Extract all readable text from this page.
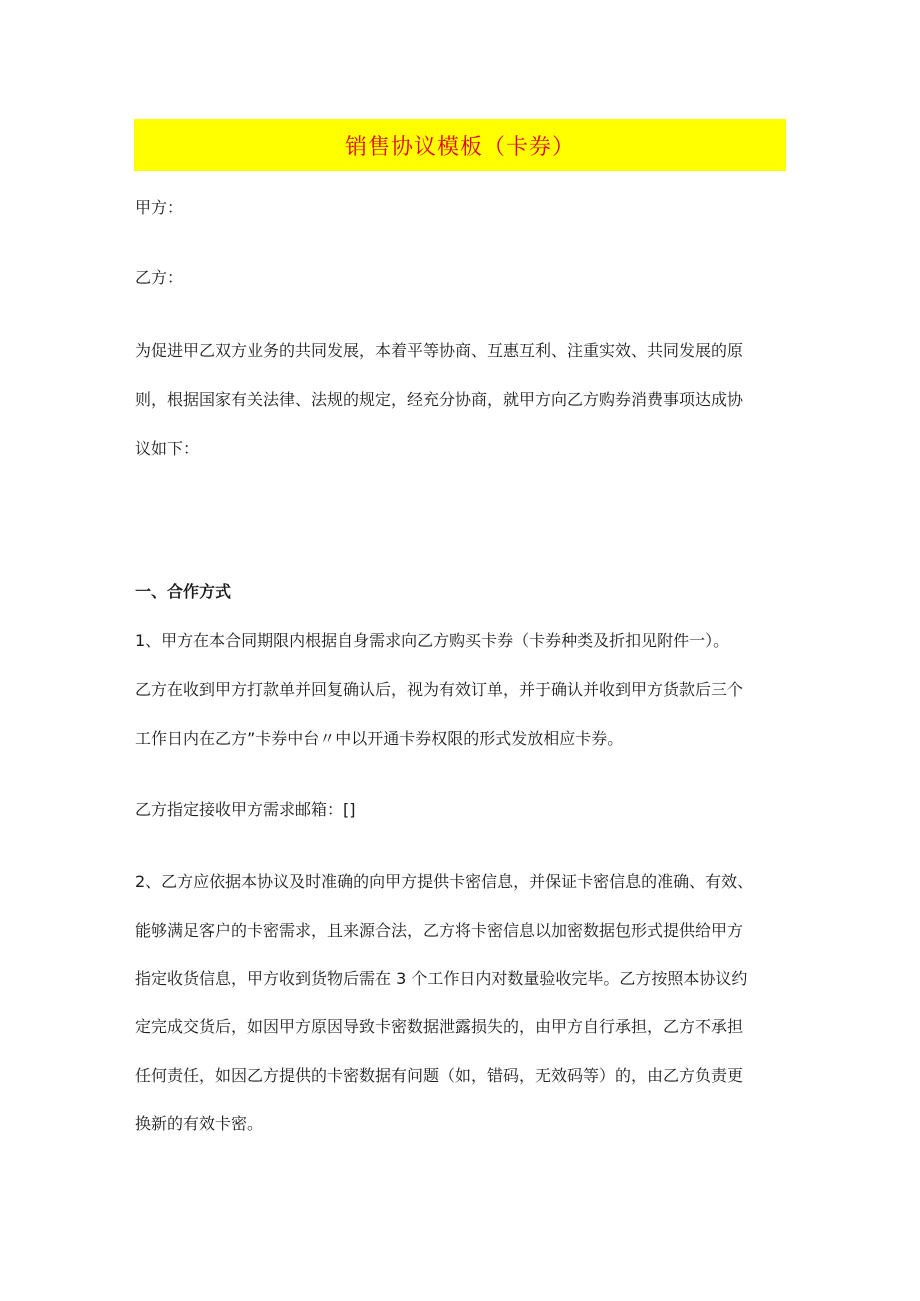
销售协议模板（卡券）
甲方：
乙方：
为促进甲乙双方业务的共同发展，本着平等协商、互惠互利、注重实效、共同发展的原
则，根据国家有关法律、法规的规定，经充分协商，就甲方向乙方购券消费事项达成协
议如下：
一、合作方式
1、甲方在本合同期限内根据自身需求向乙方购买卡券（卡券种类及折扣见附件一）。
乙方在收到甲方打款单并回复确认后，视为有效订单，并于确认并收到甲方货款后三个
工作日内在乙方”卡券中台〃中以开通卡券权限的形式发放相应卡券。
乙方指定接收甲方需求邮箱：[]
2、乙方应依据本协议及时准确的向甲方提供卡密信息，并保证卡密信息的准确、有效、
能够满足客户的卡密需求，且来源合法，乙方将卡密信息以加密数据包形式提供给甲方
指定收货信息，甲方收到货物后需在 3 个工作日内对数量验收完毕。乙方按照本协议约
定完成交货后，如因甲方原因导致卡密数据泄露损失的，由甲方自行承担，乙方不承担
任何责任，如因乙方提供的卡密数据有问题（如，错码，无效码等）的，由乙方负责更
换新的有效卡密。
